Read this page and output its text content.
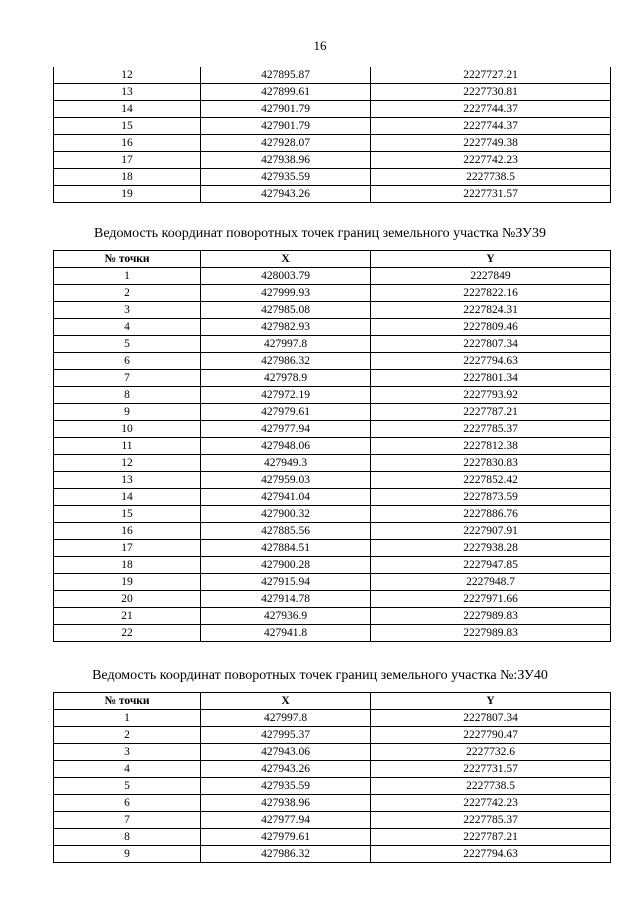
16
12	427895.87	2227727.21
13	427899.61	2227730.81
14	427901.79	2227744.37
15	427901.79	2227744.37
16	427928.07	2227749.38
17	427938.96	2227742.23
18	427935.59	2227738.5
19	427943.26	2227731.57
Ведомость координат поворотных точек границ земельного участка №ЗУ39
№ точки	X	Y
1	428003.79	2227849
2	427999.93	2227822.16
3	427985.08	2227824.31
4	427982.93	2227809.46
5	427997.8	2227807.34
6	427986.32	2227794.63
7	427978.9	2227801.34
8	427972.19	2227793.92
9	427979.61	2227787.21
10	427977.94	2227785.37
11	427948.06	2227812.38
12	427949.3	2227830.83
13	427959.03	2227852.42
14	427941.04	2227873.59
15	427900.32	2227886.76
16	427885.56	2227907.91
17	427884.51	2227938.28
18	427900.28	2227947.85
19	427915.94	2227948.7
20	427914.78	2227971.66
21	427936.9	2227989.83
22	427941.8	2227989.83
Ведомость координат поворотных точек границ земельного участка №:ЗУ40
№ точки	X	Y
1	427997.8	2227807.34
2	427995.37	2227790.47
3	427943.06	2227732.6
4	427943.26	2227731.57
5	427935.59	2227738.5
6	427938.96	2227742.23
7	427977.94	2227785.37
8	427979.61	2227787.21
9	427986.32	2227794.63
